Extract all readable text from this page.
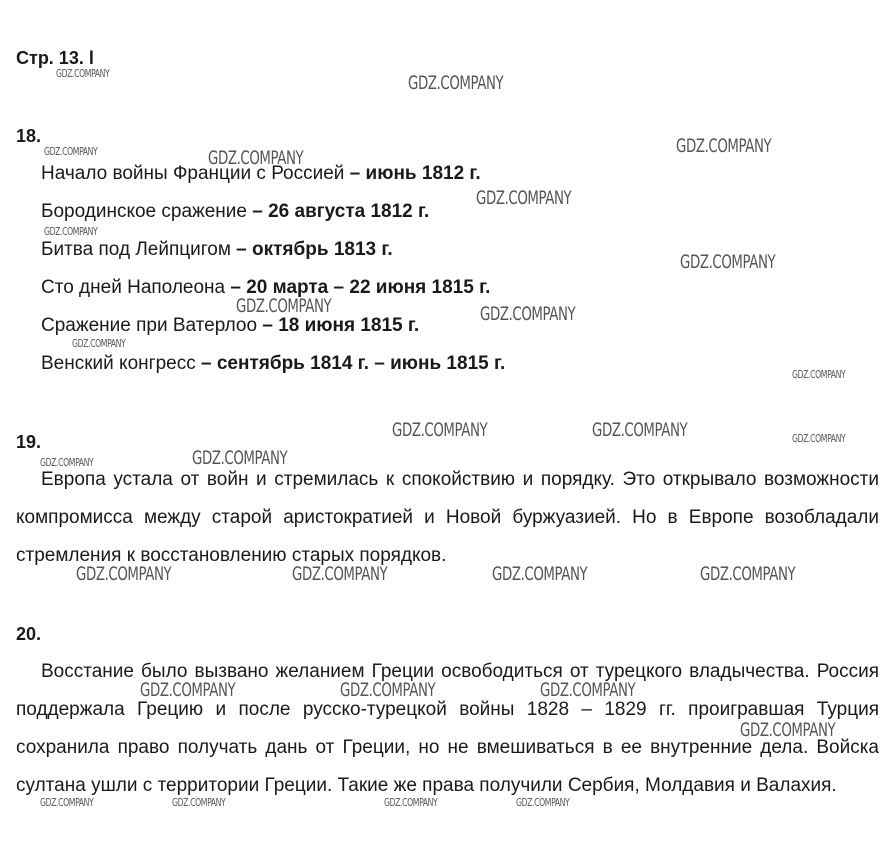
Стр. 13. l
18.
Начало войны Франции с Россией – июнь 1812 г.
Бородинское сражение – 26 августа 1812 г.
Битва под Лейпцигом – октябрь 1813 г.
Сто дней Наполеона – 20 марта – 22 июня 1815 г.
Сражение при Ватерлоо – 18 июня 1815 г.
Венский конгресс – сентябрь 1814 г. – июнь 1815 г.
19.

Европа устала от войн и стремилась к спокойствию и порядку. Это открывало возможности компромисса между старой аристократией и Новой буржуазией. Но в Европе возобладали стремления к восстановлению старых порядков.

20.

Восстание было вызвано желанием Греции освободиться от турецкого владычества. Россия поддержала Грецию и после русско-турецкой войны 1828 – 1829 гг. проигравшая Турция сохранила право получать дань от Греции, но не вмешиваться в ее внутренние дела. Войска султана ушли с территории Греции. Такие же права получили Сербия, Молдавия и Валахия.

GDZ.COMPANY	GDZ.COMPANY
GDZ.COMPANY	GDZ.COMPANY
GDZ.COMPANY
GDZ.COMPANY
GDZ.COMPANY
GDZ.COMPANY
GDZ.COMPANY	GDZ.COMPANY
GDZ.COMPANY
GDZ.COMPANY
GDZ.COMPANY	GDZ.COMPANY	GDZ.COMPANY
GDZ.COMPANY
GDZ.COMPANY
GDZ.COMPANY	GDZ.COMPANY	GDZ.COMPANY	GDZ.COMPANY
GDZ.COMPANY	GDZ.COMPANY	GDZ.COMPANY
GDZ.COMPANY
GDZ.COMPANY	GDZ.COMPANY	GDZ.COMPANY	GDZ.COMPANY
